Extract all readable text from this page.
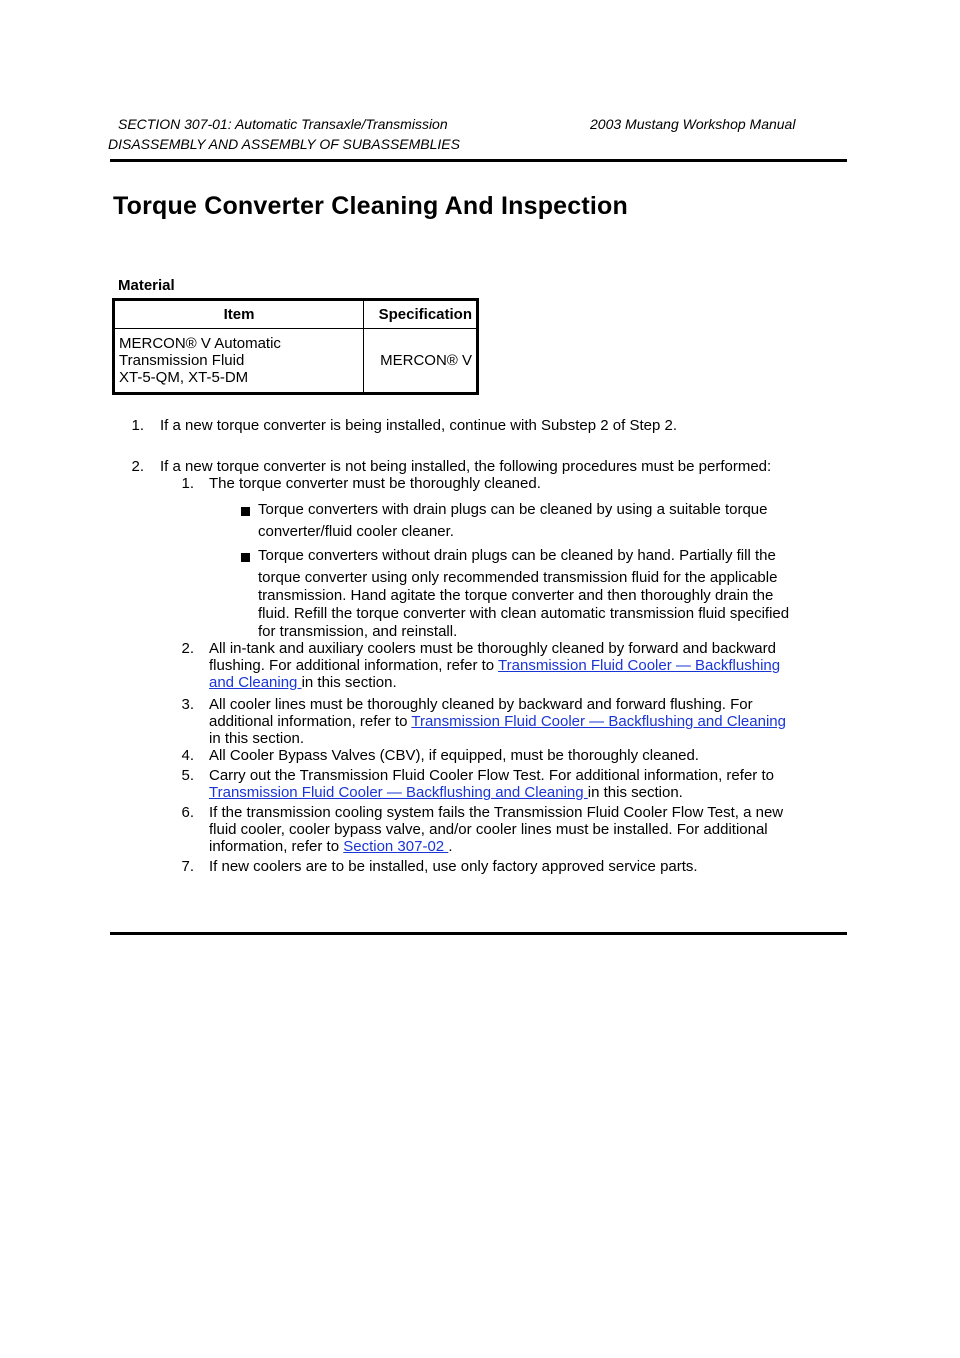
SECTION 307-01: Automatic Transaxle/Transmission	2003 Mustang Workshop Manual
DISASSEMBLY AND ASSEMBLY OF SUBASSEMBLIES
Torque Converter Cleaning And Inspection
Material
Item	Specification

MERCON® V Automatic
Transmission Fluid
XT-5-QM, XT-5-DM	MERCON® V
1. If a new torque converter is being installed, continue with Substep 2 of Step 2.
2. If a new torque converter is not being installed, the following procedures must be performed:
1. The torque converter must be thoroughly cleaned.
Torque converters with drain plugs can be cleaned by using a suitable torque
converter/fluid cooler cleaner.
Torque converters without drain plugs can be cleaned by hand. Partially fill the
torque converter using only recommended transmission fluid for the applicable
transmission. Hand agitate the torque converter and then thoroughly drain the
fluid. Refill the torque converter with clean automatic transmission fluid specified
for transmission, and reinstall.
2. All in-tank and auxiliary coolers must be thoroughly cleaned by forward and backward
flushing. For additional information, refer to Transmission Fluid Cooler — Backflushing
and Cleaning in this section.
3. All cooler lines must be thoroughly cleaned by backward and forward flushing. For
additional information, refer to Transmission Fluid Cooler — Backflushing and Cleaning
in this section.
4. All Cooler Bypass Valves (CBV), if equipped, must be thoroughly cleaned.
5. Carry out the Transmission Fluid Cooler Flow Test. For additional information, refer to
Transmission Fluid Cooler — Backflushing and Cleaning in this section.
6. If the transmission cooling system fails the Transmission Fluid Cooler Flow Test, a new
fluid cooler, cooler bypass valve, and/or cooler lines must be installed. For additional
information, refer to Section 307-02 .
7. If new coolers are to be installed, use only factory approved service parts.
